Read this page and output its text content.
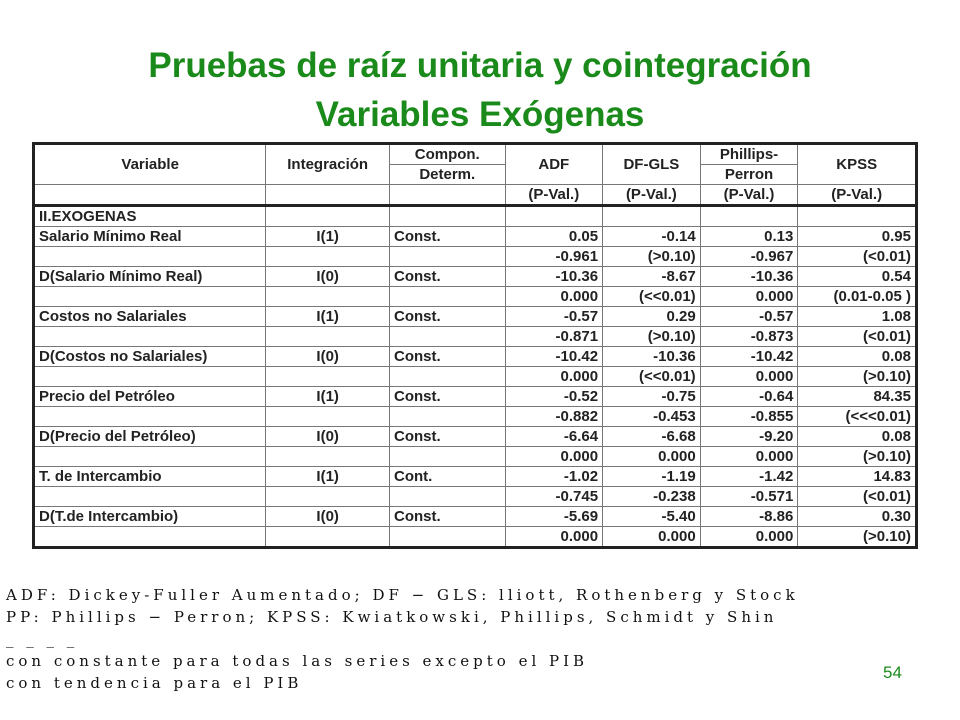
Pruebas de raíz unitaria y cointegración
Variables Exógenas
Variable	Integración	Compon.	ADF	DF-GLS	Phillips-	KPSS
		Determ.			Perron	
			(P-Val.)	(P-Val.)	(P-Val.)	(P-Val.)
II.EXOGENAS						
Salario Mínimo Real	I(1)	Const.	0.05	-0.14	0.13	0.95
			-0.961	(>0.10)	-0.967	(<0.01)
D(Salario Mínimo Real)	I(0)	Const.	-10.36	-8.67	-10.36	0.54
			0.000	(<<0.01)	0.000	(0.01-0.05 )
Costos no Salariales	I(1)	Const.	-0.57	0.29	-0.57	1.08
			-0.871	(>0.10)	-0.873	(<0.01)
D(Costos no Salariales)	I(0)	Const.	-10.42	-10.36	-10.42	0.08
			0.000	(<<0.01)	0.000	(>0.10)
Precio del Petróleo	I(1)	Const.	-0.52	-0.75	-0.64	84.35
			-0.882	-0.453	-0.855	(<<<0.01)
D(Precio del Petróleo)	I(0)	Const.	-6.64	-6.68	-9.20	0.08
			0.000	0.000	0.000	(>0.10)
T. de Intercambio	I(1)	Cont.	-1.02	-1.19	-1.42	14.83
			-0.745	-0.238	-0.571	(<0.01)
D(T.de Intercambio)	I(0)	Const.	-5.69	-5.40	-8.86	0.30
			0.000	0.000	0.000	(>0.10)
ADF: Dickey-Fuller Aumentado; DF − GLS: lliott, Rothenberg y Stock
PP: Phillips − Perron; KPSS: Kwiatkowski, Phillips, Schmidt y Shin
_ _ _ _
con constante para todas las series excepto el PIB
con tendencia para el PIB
54
